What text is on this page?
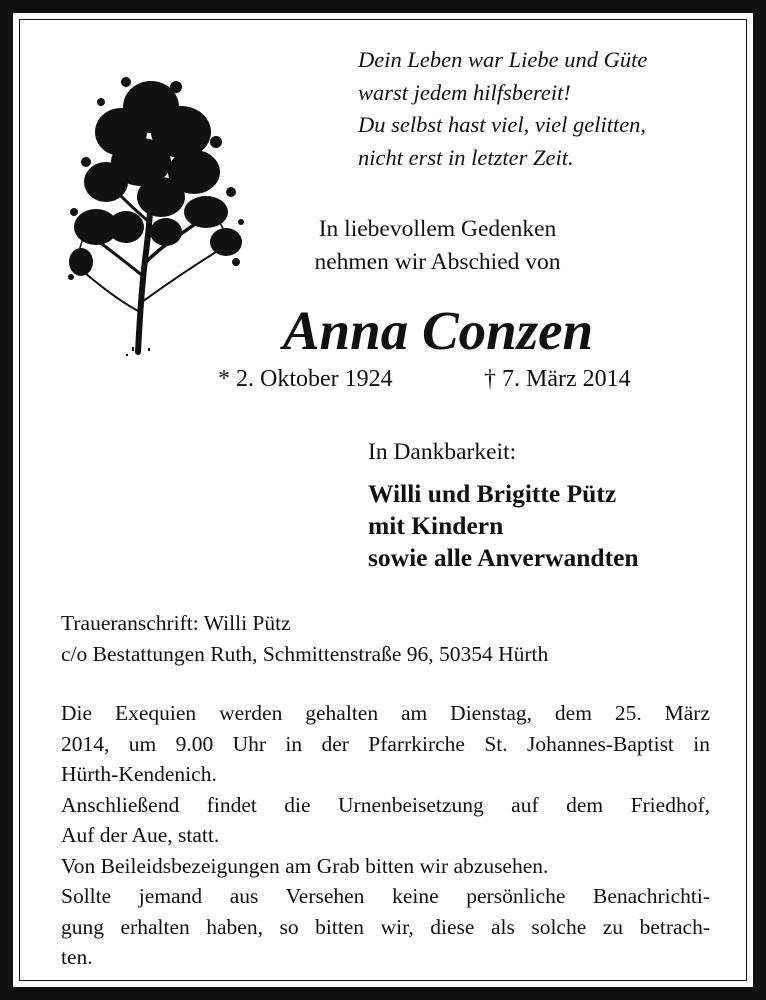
Dein Leben war Liebe und Güte
warst jedem hilfsbereit!
Du selbst hast viel, viel gelitten,
nicht erst in letzter Zeit.
In liebevollem Gedenken
nehmen wir Abschied von
Anna Conzen
* 2. Oktober 1924	† 7. März 2014
In Dankbarkeit:
Willi und Brigitte Pütz
mit Kindern
sowie alle Anverwandten
Traueranschrift: Willi Pütz
c/o Bestattungen Ruth, Schmittenstraße 96, 50354 Hürth
Die Exequien werden gehalten am Dienstag, dem 25. März
2014, um 9.00 Uhr in der Pfarrkirche St. Johannes-Baptist in
Hürth-Kendenich.
Anschließend findet die Urnenbeisetzung auf dem Friedhof,
Auf der Aue, statt.
Von Beileidsbezeigungen am Grab bitten wir abzusehen.
Sollte jemand aus Versehen keine persönliche Benachrichti-
gung erhalten haben, so bitten wir, diese als solche zu betrach-
ten.
